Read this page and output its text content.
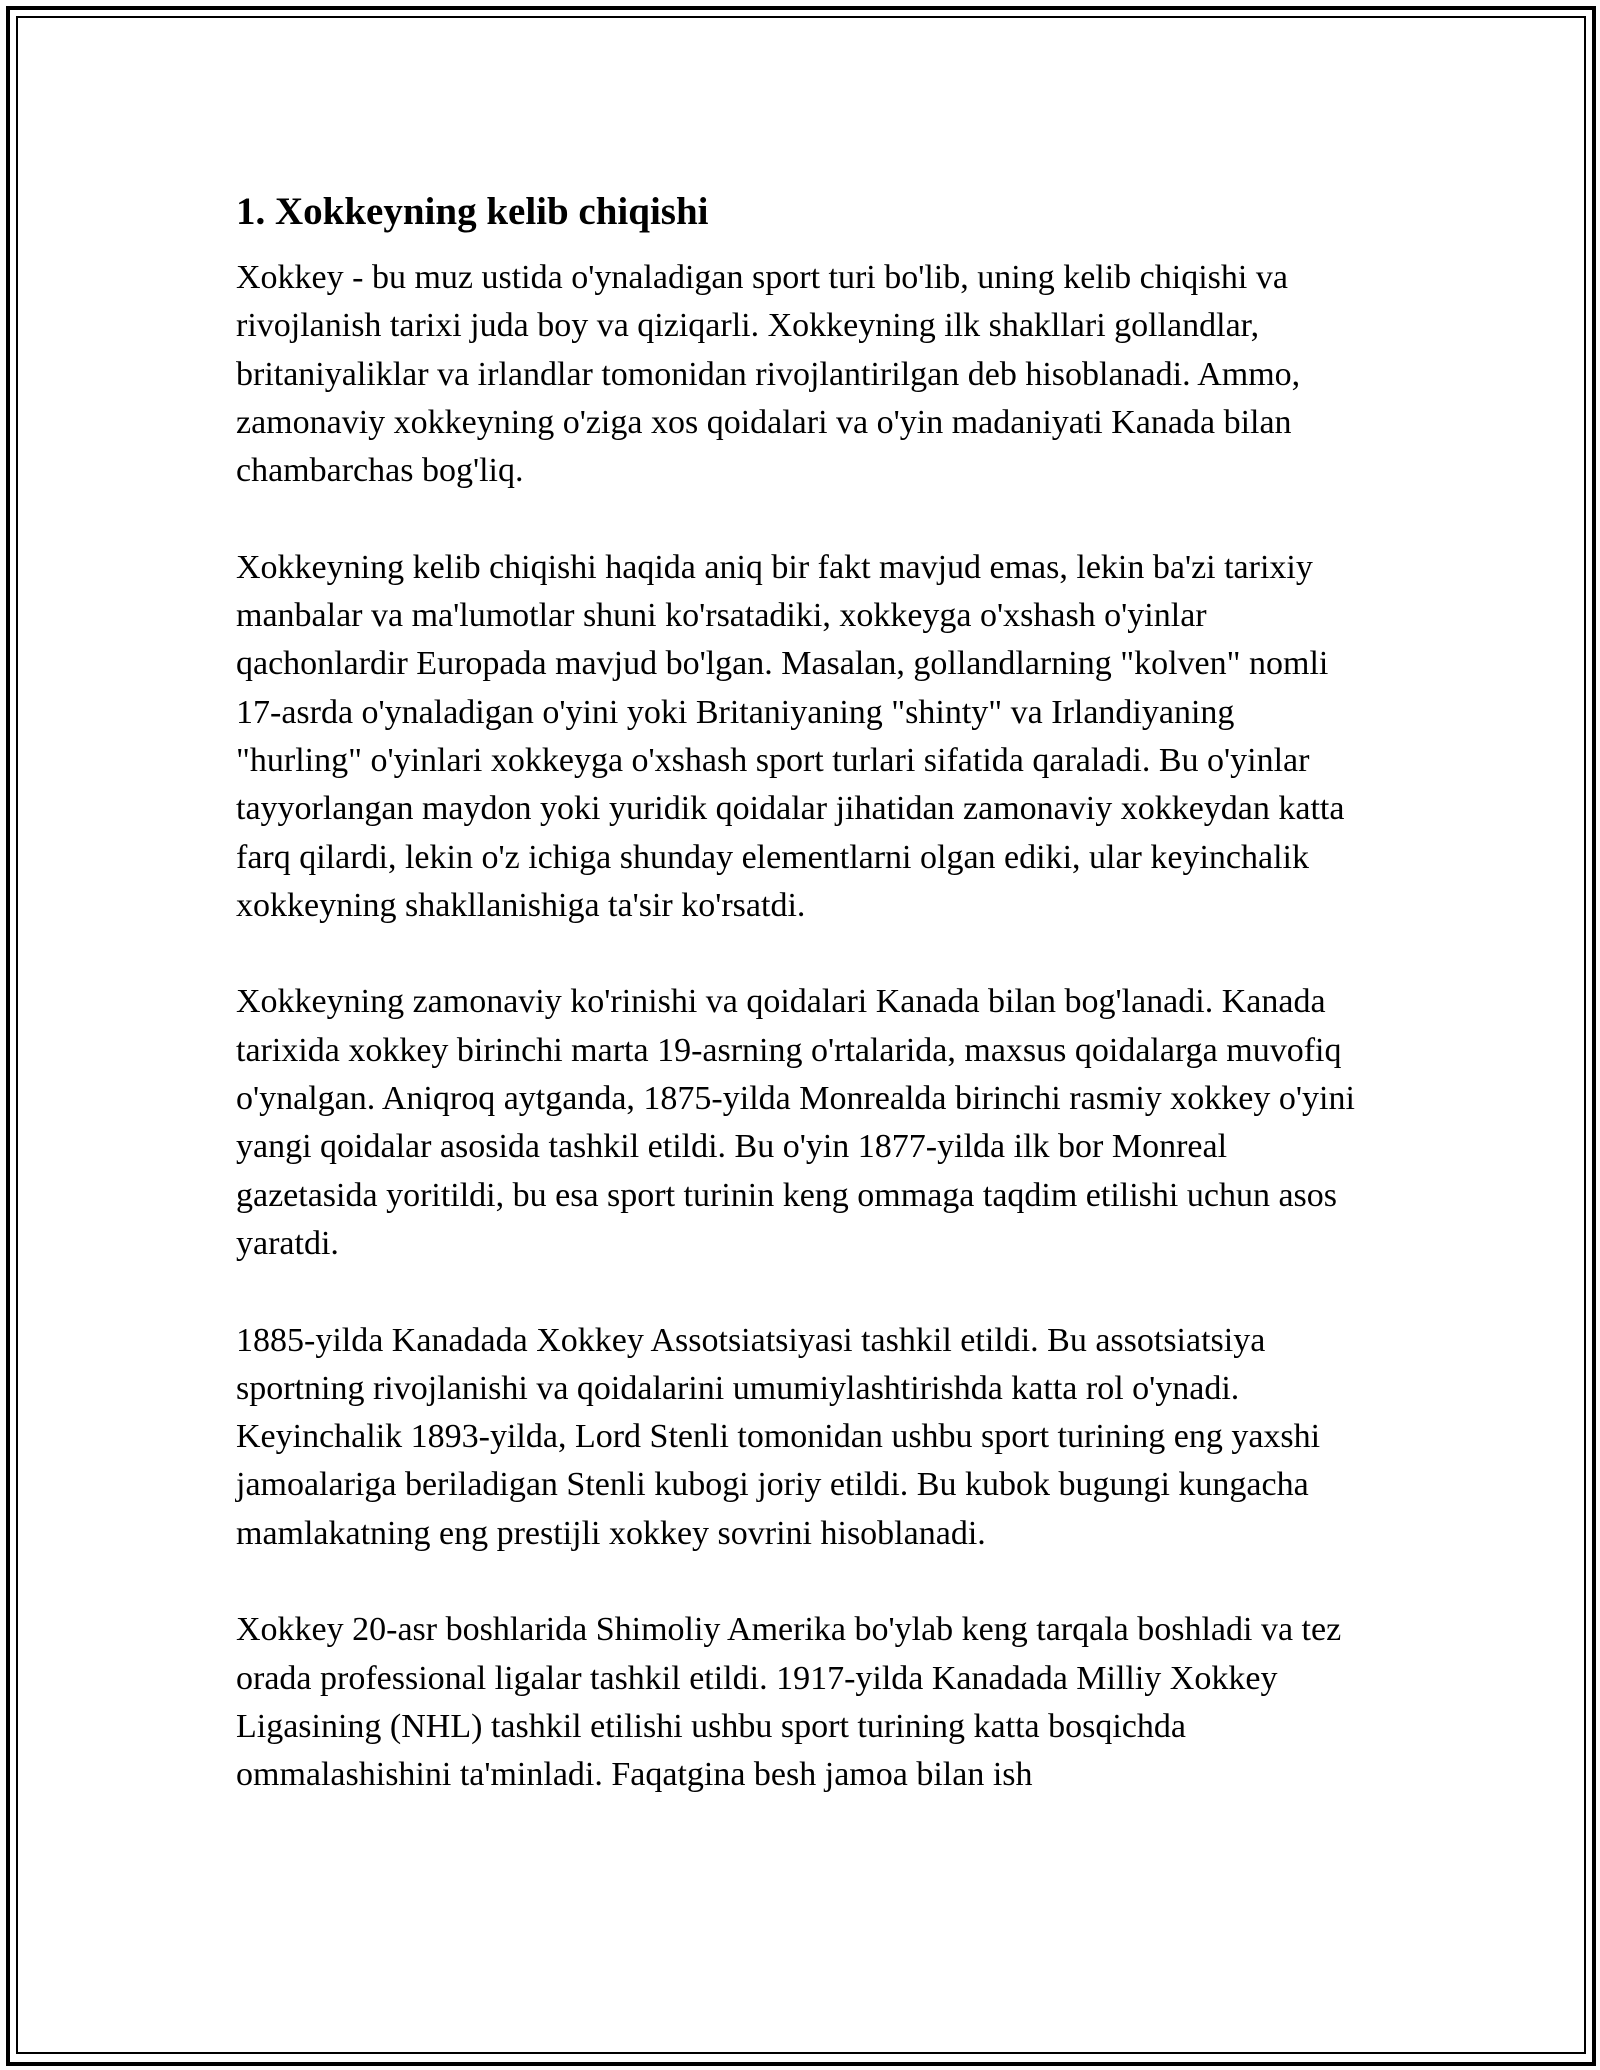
1. Xokkeyning kelib chiqishi

Xokkey - bu muz ustida o'ynaladigan sport turi bo'lib, uning kelib chiqishi va rivojlanish tarixi juda boy va qiziqarli. Xokkeyning ilk shakllari gollandlar, britaniyaliklar va irlandlar tomonidan rivojlantirilgan deb hisoblanadi. Ammo, zamonaviy xokkeyning o'ziga xos qoidalari va o'yin madaniyati Kanada bilan chambarchas bog'liq.

Xokkeyning kelib chiqishi haqida aniq bir fakt mavjud emas, lekin ba'zi tarixiy manbalar va ma'lumotlar shuni ko'rsatadiki, xokkeyga o'xshash o'yinlar qachonlardir Europada mavjud bo'lgan. Masalan, gollandlarning "kolven" nomli 17-asrda o'ynaladigan o'yini yoki Britaniyaning "shinty" va Irlandiyaning "hurling" o'yinlari xokkeyga o'xshash sport turlari sifatida qaraladi. Bu o'yinlar tayyorlangan maydon yoki yuridik qoidalar jihatidan zamonaviy xokkeydan katta farq qilardi, lekin o'z ichiga shunday elementlarni olgan ediki, ular keyinchalik xokkeyning shakllanishiga ta'sir ko'rsatdi.

Xokkeyning zamonaviy ko'rinishi va qoidalari Kanada bilan bog'lanadi. Kanada tarixida xokkey birinchi marta 19-asrning o'rtalarida, maxsus qoidalarga muvofiq o'ynalgan. Aniqroq aytganda, 1875-yilda Monrealda birinchi rasmiy xokkey o'yini yangi qoidalar asosida tashkil etildi. Bu o'yin 1877-yilda ilk bor Monreal gazetasida yoritildi, bu esa sport turinin keng ommaga taqdim etilishi uchun asos yaratdi.

1885-yilda Kanadada Xokkey Assotsiatsiyasi tashkil etildi. Bu assotsiatsiya sportning rivojlanishi va qoidalarini umumiylashtirishda katta rol o'ynadi. Keyinchalik 1893-yilda, Lord Stenli tomonidan ushbu sport turining eng yaxshi jamoalariga beriladigan Stenli kubogi joriy etildi. Bu kubok bugungi kungacha mamlakatning eng prestijli xokkey sovrini hisoblanadi.

Xokkey 20-asr boshlarida Shimoliy Amerika bo'ylab keng tarqala boshladi va tez orada professional ligalar tashkil etildi. 1917-yilda Kanadada Milliy Xokkey Ligasining (NHL) tashkil etilishi ushbu sport turining katta bosqichda ommalashishini ta'minladi. Faqatgina besh jamoa bilan ish
